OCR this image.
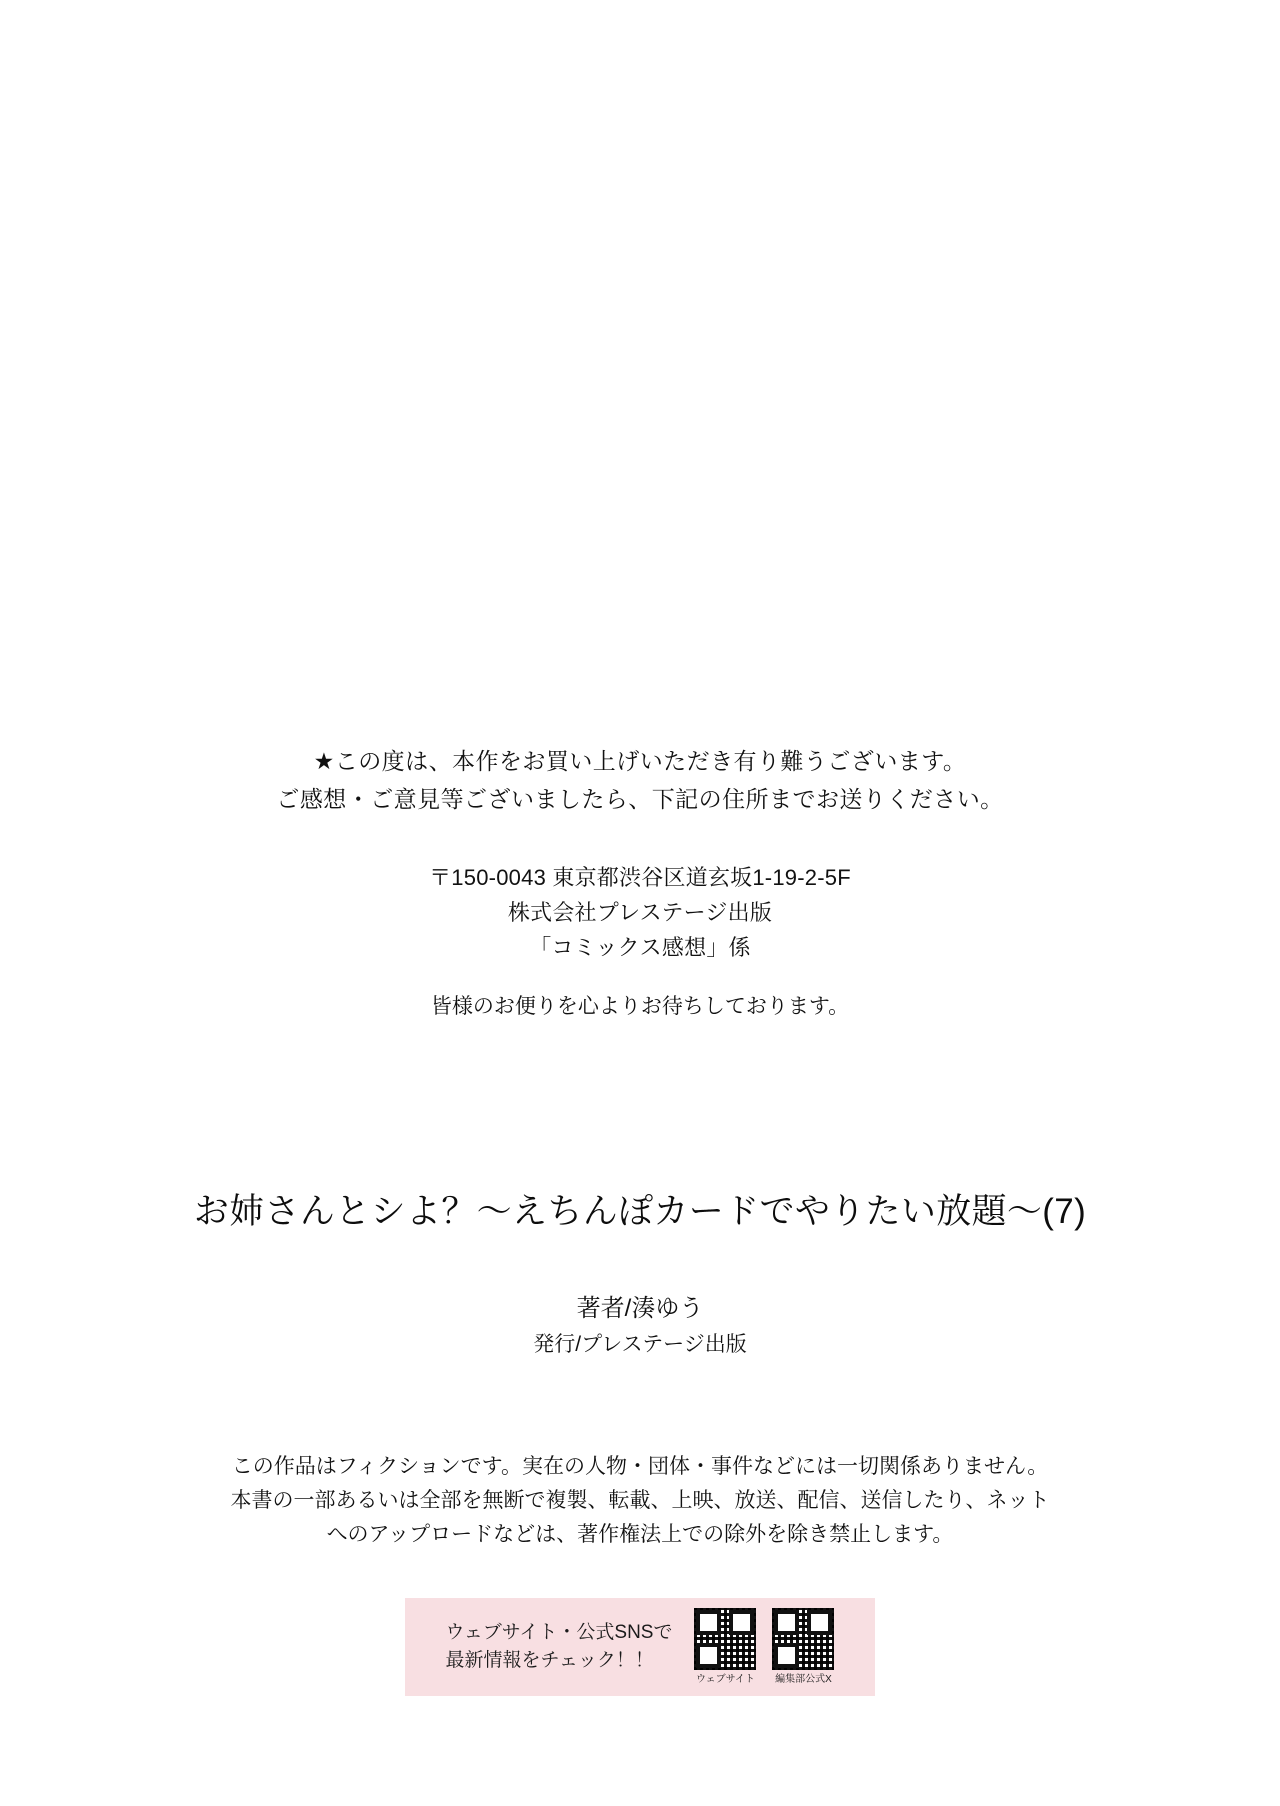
★この度は、本作をお買い上げいただき有り難うございます。
ご感想・ご意見等ございましたら、下記の住所までお送りください。
〒150-0043 東京都渋谷区道玄坂1-19-2-5F
株式会社プレステージ出版
「コミックス感想」係
皆様のお便りを心よりお待ちしております。
お姉さんとシよ？〜えちんぽカードでやりたい放題〜(7)
著者/湊ゆう
発行/プレステージ出版
この作品はフィクションです。実在の人物・団体・事件などには一切関係ありません。
本書の一部あるいは全部を無断で複製、転載、上映、放送、配信、送信したり、ネット
へのアップロードなどは、著作権法上での除外を除き禁止します。
ウェブサイト・公式SNSで
最新情報をチェック！！
ウェブサイト 編集部公式X
